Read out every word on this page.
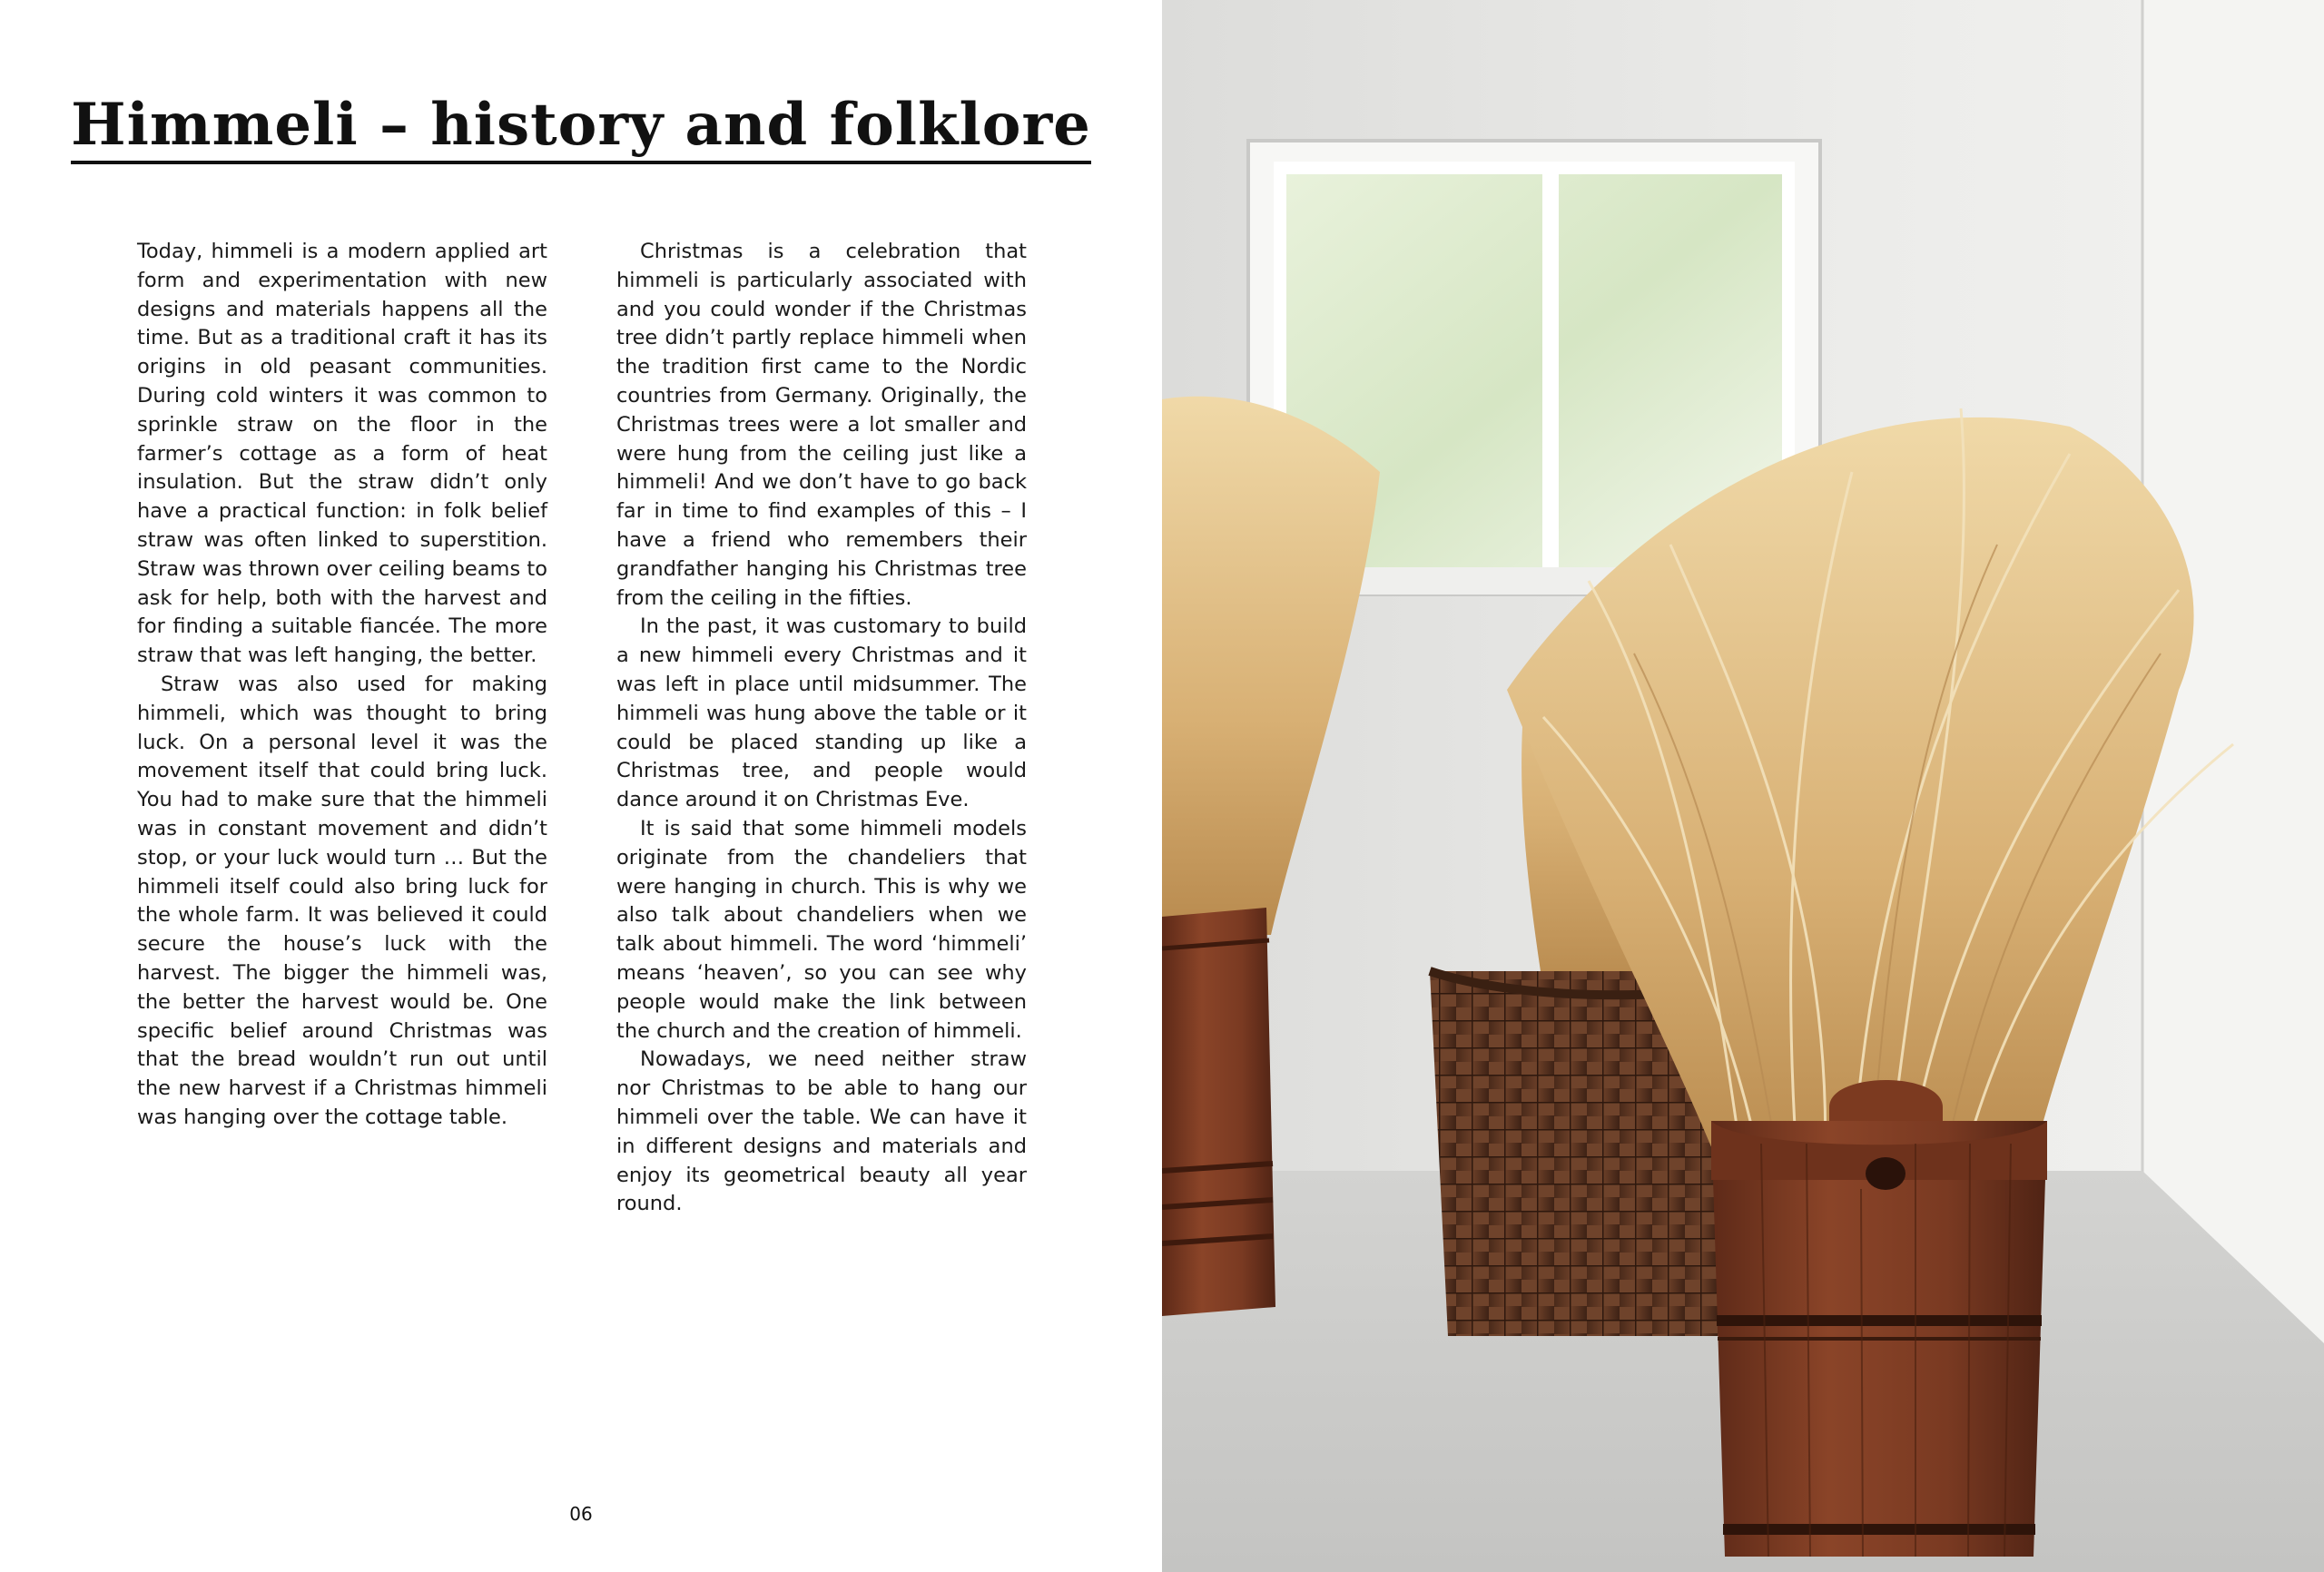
Himmeli – history and folklore

Today, himmeli is a modern applied art form and experimentation with new designs and materials happens all the time. But as a traditional craft it has its origins in old peasant communities. During cold winters it was common to sprinkle straw on the floor in the farmer’s cottage as a form of heat insulation. But the straw didn’t only have a practical function: in folk belief straw was often linked to superstition. Straw was thrown over ceiling beams to ask for help, both with the harvest and for finding a suitable fiancée. The more straw that was left hanging, the better.

Straw was also used for making himmeli, which was thought to bring luck. On a personal level it was the movement itself that could bring luck. You had to make sure that the himmeli was in constant movement and didn’t stop, or your luck would turn … But the himmeli itself could also bring luck for the whole farm. It was believed it could secure the house’s luck with the harvest. The bigger the himmeli was, the better the harvest would be. One specific belief around Christmas was that the bread wouldn’t run out until the new harvest if a Christmas himmeli was hanging over the cottage table.

Christmas is a celebration that himmeli is particularly associated with and you could wonder if the Christmas tree didn’t partly replace himmeli when the tradition first came to the Nordic countries from Germany. Originally, the Christmas trees were a lot smaller and were hung from the ceiling just like a himmeli! And we don’t have to go back far in time to find examples of this – I have a friend who remembers their grandfather hanging his Christmas tree from the ceiling in the fifties.

In the past, it was customary to build a new himmeli every Christmas and it was left in place until midsummer. The himmeli was hung above the table or it could be placed standing up like a Christmas tree, and people would dance around it on Christmas Eve.

It is said that some himmeli models originate from the chandeliers that were hanging in church. This is why we also talk about chandeliers when we talk about himmeli. The word ‘himmeli’ means ‘heaven’, so you can see why people would make the link between the church and the creation of himmeli.

Nowadays, we need neither straw nor Christmas to be able to hang our himmeli over the table. We can have it in different designs and materials and enjoy its geometrical beauty all year round.

06
